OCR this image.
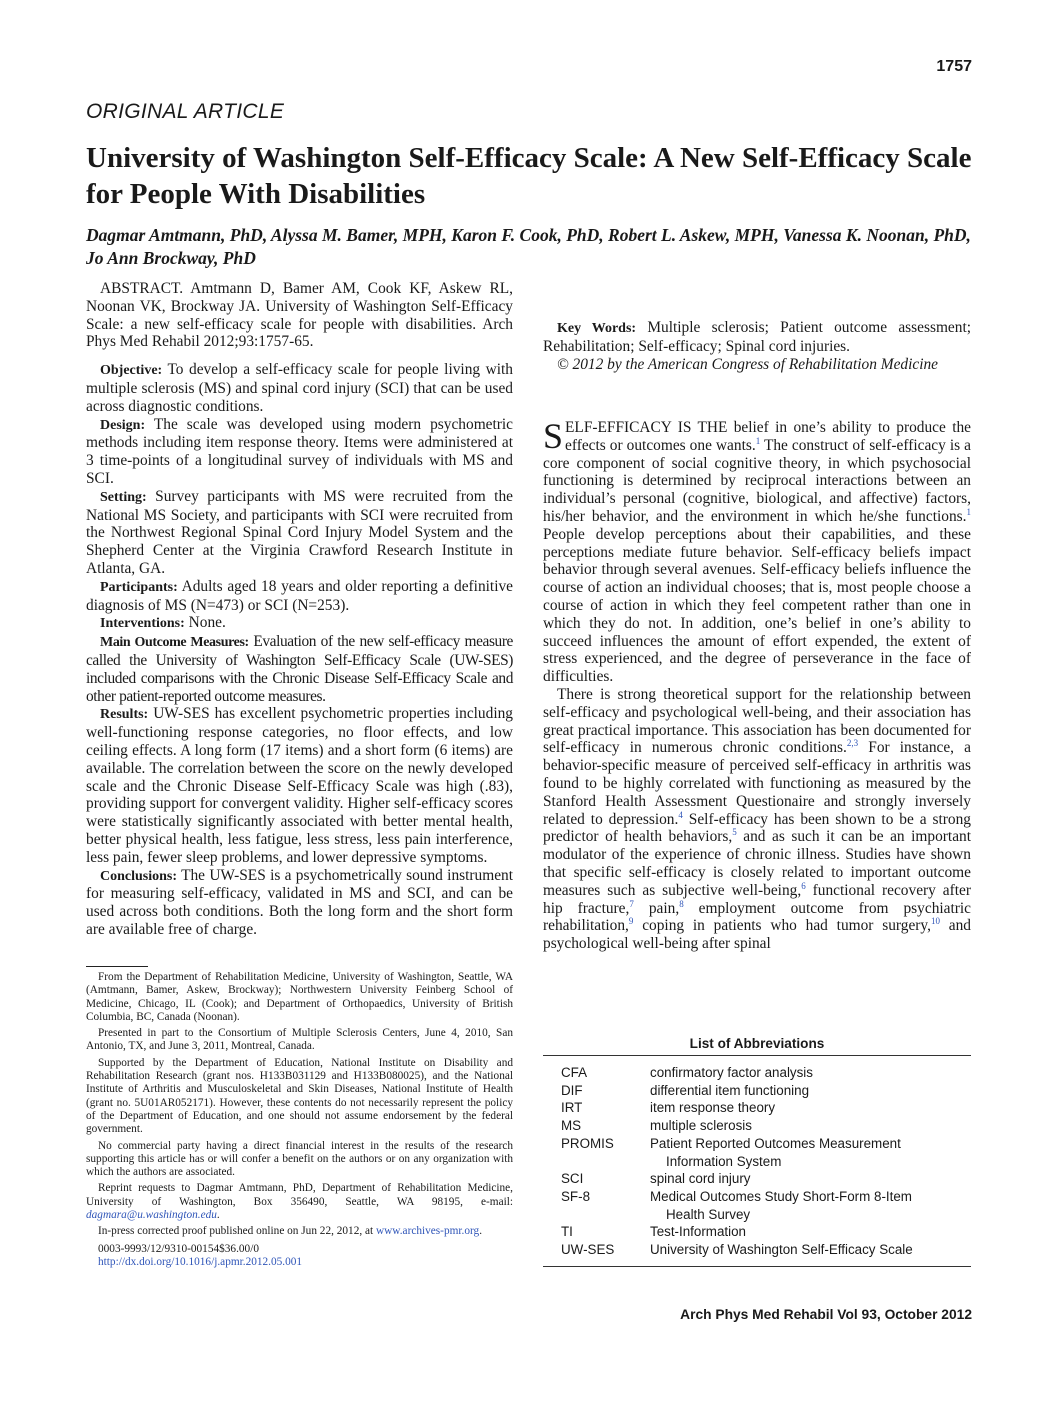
1757
ORIGINAL ARTICLE
University of Washington Self-Efficacy Scale: A New Self-Efficacy Scale for People With Disabilities
Dagmar Amtmann, PhD, Alyssa M. Bamer, MPH, Karon F. Cook, PhD, Robert L. Askew, MPH, Vanessa K. Noonan, PhD, Jo Ann Brockway, PhD

ABSTRACT. Amtmann D, Bamer AM, Cook KF, Askew RL, Noonan VK, Brockway JA. University of Washington Self-Efficacy Scale: a new self-efficacy scale for people with disabilities. Arch Phys Med Rehabil 2012;93:1757-65.

Objective: To develop a self-efficacy scale for people living with multiple sclerosis (MS) and spinal cord injury (SCI) that can be used across diagnostic conditions.

Design: The scale was developed using modern psychometric methods including item response theory. Items were administered at 3 time-points of a longitudinal survey of individuals with MS and SCI.

Setting: Survey participants with MS were recruited from the National MS Society, and participants with SCI were recruited from the Northwest Regional Spinal Cord Injury Model System and the Shepherd Center at the Virginia Crawford Research Institute in Atlanta, GA.

Participants: Adults aged 18 years and older reporting a definitive diagnosis of MS (N=473) or SCI (N=253).

Interventions: None.

Main Outcome Measures: Evaluation of the new self-efficacy measure called the University of Washington Self-Efficacy Scale (UW-SES) included comparisons with the Chronic Disease Self-Efficacy Scale and other patient-reported outcome measures.

Results: UW-SES has excellent psychometric properties including well-functioning response categories, no floor effects, and low ceiling effects. A long form (17 items) and a short form (6 items) are available. The correlation between the score on the newly developed scale and the Chronic Disease Self-Efficacy Scale was high (.83), providing support for convergent validity. Higher self-efficacy scores were statistically significantly associated with better mental health, better physical health, less fatigue, less stress, less pain interference, less pain, fewer sleep problems, and lower depressive symptoms.

Conclusions: The UW-SES is a psychometrically sound instrument for measuring self-efficacy, validated in MS and SCI, and can be used across both conditions. Both the long form and the short form are available free of charge.

Key Words: Multiple sclerosis; Patient outcome assessment; Rehabilitation; Self-efficacy; Spinal cord injuries.

© 2012 by the American Congress of Rehabilitation Medicine

SELF-EFFICACY IS THE belief in one’s ability to produce the effects or outcomes one wants.$^1$ The construct of self-efficacy is a core component of social cognitive theory, in which psychosocial functioning is determined by reciprocal interactions between an individual’s personal (cognitive, biological, and affective) factors, his/her behavior, and the environment in which he/she functions.$^1$ People develop perceptions about their capabilities, and these perceptions mediate future behavior. Self-efficacy beliefs impact behavior through several avenues. Self-efficacy beliefs influence the course of action an individual chooses; that is, most people choose a course of action in which they feel competent rather than one in which they do not. In addition, one’s belief in one’s ability to succeed influences the amount of effort expended, the extent of stress experienced, and the degree of perseverance in the face of difficulties.

There is strong theoretical support for the relationship between self-efficacy and psychological well-being, and their association has great practical importance. This association has been documented for self-efficacy in numerous chronic conditions.$^{2,3}$ For instance, a behavior-specific measure of perceived self-efficacy in arthritis was found to be highly correlated with functioning as measured by the Stanford Health Assessment Questionaire and strongly inversely related to depression.$^4$ Self-efficacy has been shown to be a strong predictor of health behaviors,$^5$ and as such it can be an important modulator of the experience of chronic illness. Studies have shown that specific self-efficacy is closely related to important outcome measures such as subjective well-being,$^6$ functional recovery after hip fracture,$^7$ pain,$^8$ employment outcome from psychiatric rehabilitation,$^9$ coping in patients who had tumor surgery,$^{10}$ and psychological well-being after spinal

From the Department of Rehabilitation Medicine, University of Washington, Seattle, WA (Amtmann, Bamer, Askew, Brockway); Northwestern University Feinberg School of Medicine, Chicago, IL (Cook); and Department of Orthopaedics, University of British Columbia, BC, Canada (Noonan).

Presented in part to the Consortium of Multiple Sclerosis Centers, June 4, 2010, San Antonio, TX, and June 3, 2011, Montreal, Canada.

Supported by the Department of Education, National Institute on Disability and Rehabilitation Research (grant nos. H133B031129 and H133B080025), and the National Institute of Arthritis and Musculoskeletal and Skin Diseases, National Institute of Health (grant no. 5U01AR052171). However, these contents do not necessarily represent the policy of the Department of Education, and one should not assume endorsement by the federal government.

No commercial party having a direct financial interest in the results of the research supporting this article has or will confer a benefit on the authors or on any organization with which the authors are associated.

Reprint requests to Dagmar Amtmann, PhD, Department of Rehabilitation Medicine, University of Washington, Box 356490, Seattle, WA 98195, e-mail: dagmara@u.washington.edu.

In-press corrected proof published online on Jun 22, 2012, at www.archives-pmr.org.

0003-9993/12/9310-00154$36.00/0

http://dx.doi.org/10.1016/j.apmr.2012.05.001

List of Abbreviations
CFA	confirmatory factor analysis
DIF	differential item functioning
IRT	item response theory
MS	multiple sclerosis
PROMIS	Patient Reported Outcomes Measurement
Information System

SCI	spinal cord injury
SF-8	Medical Outcomes Study Short-Form 8-Item
Health Survey

TI	Test-Information
UW-SES	University of Washington Self-Efficacy Scale
Arch Phys Med Rehabil Vol 93, October 2012
